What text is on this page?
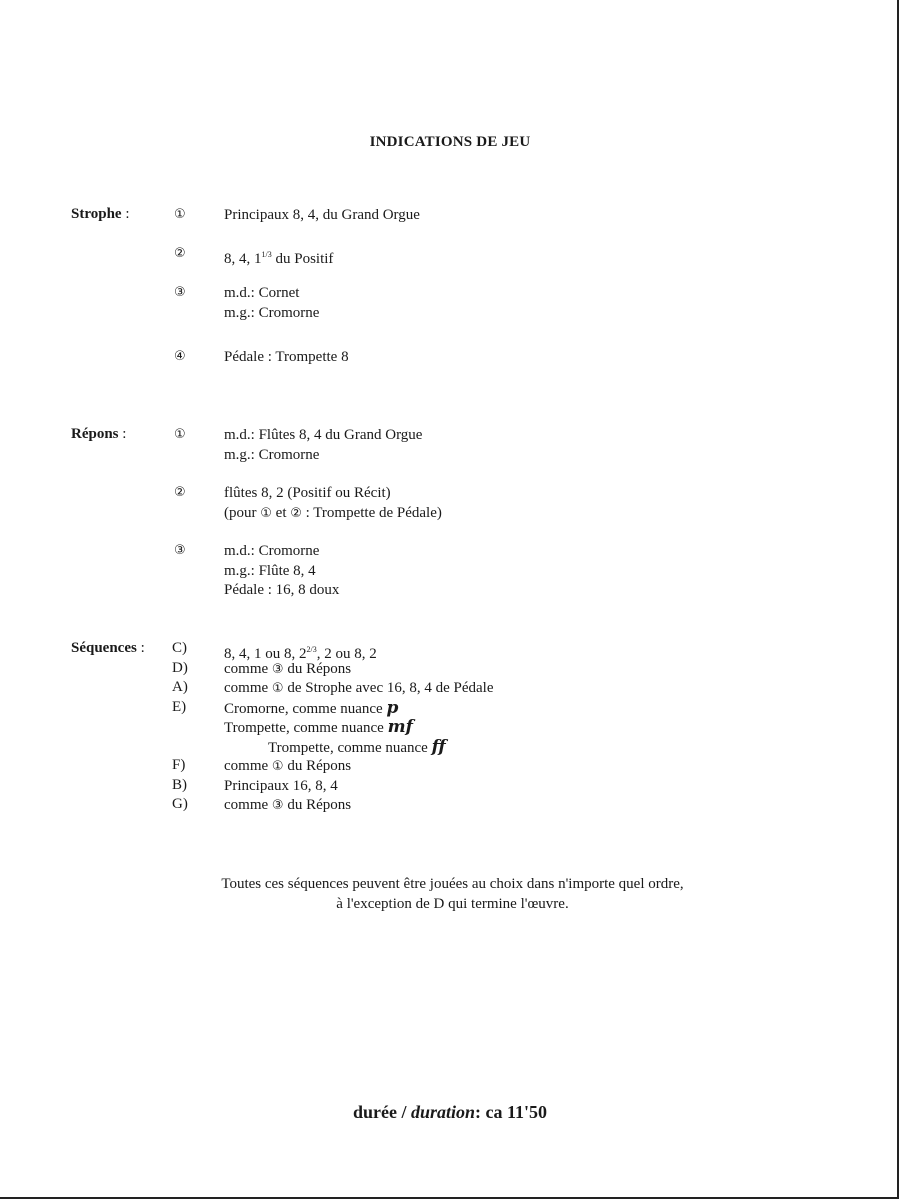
INDICATIONS DE JEU
Strophe :	①	Principaux 8, 4, du Grand Orgue
②	8, 4, $1^{1/3}$ du Positif
③	m.d.: Cornet
m.g.: Cromorne
④	Pédale : Trompette 8
Répons :	①	m.d.: Flûtes 8, 4 du Grand Orgue
m.g.: Cromorne
②	flûtes 8, 2 (Positif ou Récit)
(pour ① et ② : Trompette de Pédale)
③	m.d.: Cromorne
m.g.: Flûte 8, 4
Pédale : 16, 8 doux
Séquences : C) 8, 4, 1 ou 8, $2^{2/3}$, 2 ou 8, 2
D) comme ③ du Répons
A) comme ① de Strophe avec 16, 8, 4 de Pédale
E)	Cromorne, comme nuance p
Trompette, comme nuance mf
Trompette, comme nuance ff
F)	comme ① du Répons
B) Principaux 16, 8, 4
G) comme ③ du Répons
Toutes ces séquences peuvent être jouées au choix dans n'importe quel ordre,
à l'exception de D qui termine l'œuvre.
durée / duration: ca 11'50
